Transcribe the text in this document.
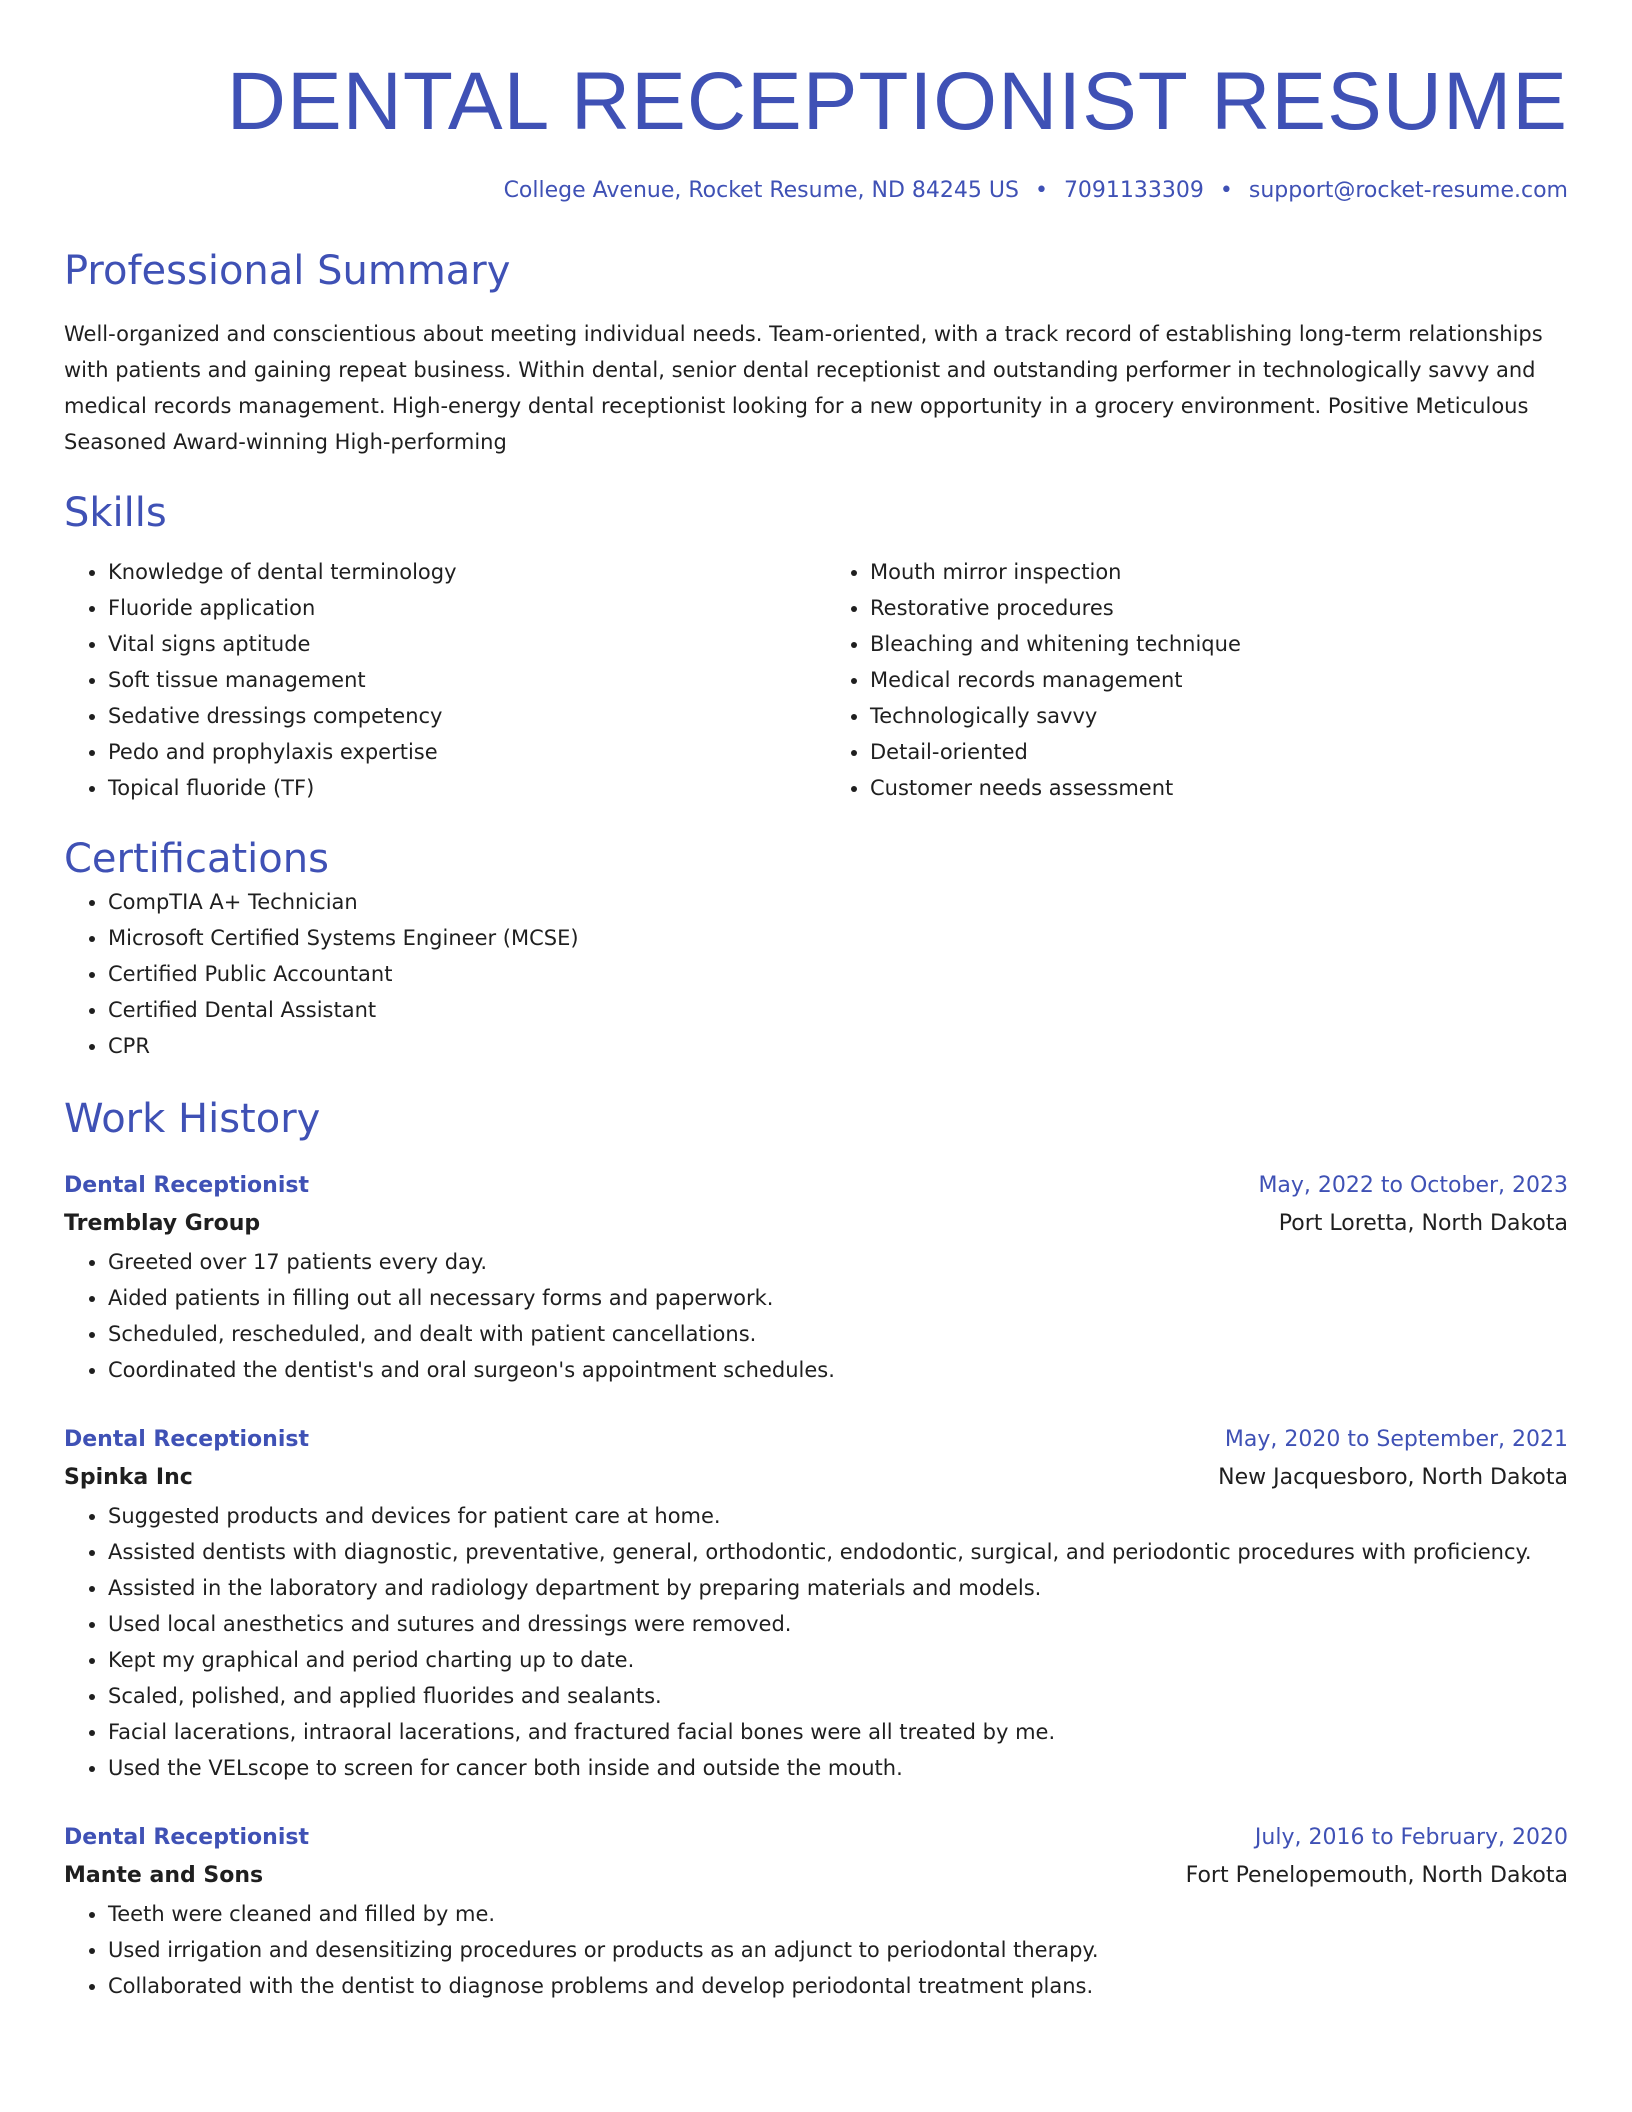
DENTAL RECEPTIONIST RESUME
College Avenue, Rocket Resume, ND 84245 US • 7091133309 • support@rocket-resume.com
Professional Summary

Well-organized and conscientious about meeting individual needs. Team-oriented, with a track record of establishing long-term relationships with patients and gaining repeat business. Within dental, senior dental receptionist and outstanding performer in technologically savvy and medical records management. High-energy dental receptionist looking for a new opportunity in a grocery environment. Positive Meticulous Seasoned Award-winning High-performing

Skills
• Knowledge of dental terminology
• Fluoride application
• Vital signs aptitude
• Soft tissue management
• Sedative dressings competency
• Pedo and prophylaxis expertise
• Topical fluoride (TF)
• Mouth mirror inspection
• Restorative procedures
• Bleaching and whitening technique
• Medical records management
• Technologically savvy
• Detail-oriented
• Customer needs assessment
Certifications
• CompTIA A+ Technician
• Microsoft Certified Systems Engineer (MCSE)
• Certified Public Accountant
• Certified Dental Assistant
• CPR
Work History
Dental Receptionist	May, 2022 to October, 2023
Tremblay Group	Port Loretta, North Dakota
• Greeted over 17 patients every day.
• Aided patients in filling out all necessary forms and paperwork.
• Scheduled, rescheduled, and dealt with patient cancellations.
• Coordinated the dentist's and oral surgeon's appointment schedules.
Dental Receptionist	May, 2020 to September, 2021
Spinka Inc	New Jacquesboro, North Dakota
• Suggested products and devices for patient care at home.
• Assisted dentists with diagnostic, preventative, general, orthodontic, endodontic, surgical, and periodontic procedures with proficiency.
• Assisted in the laboratory and radiology department by preparing materials and models.
• Used local anesthetics and sutures and dressings were removed.
• Kept my graphical and period charting up to date.
• Scaled, polished, and applied fluorides and sealants.
• Facial lacerations, intraoral lacerations, and fractured facial bones were all treated by me.
• Used the VELscope to screen for cancer both inside and outside the mouth.
Dental Receptionist	July, 2016 to February, 2020
Mante and Sons	Fort Penelopemouth, North Dakota
• Teeth were cleaned and filled by me.
• Used irrigation and desensitizing procedures or products as an adjunct to periodontal therapy.
• Collaborated with the dentist to diagnose problems and develop periodontal treatment plans.
